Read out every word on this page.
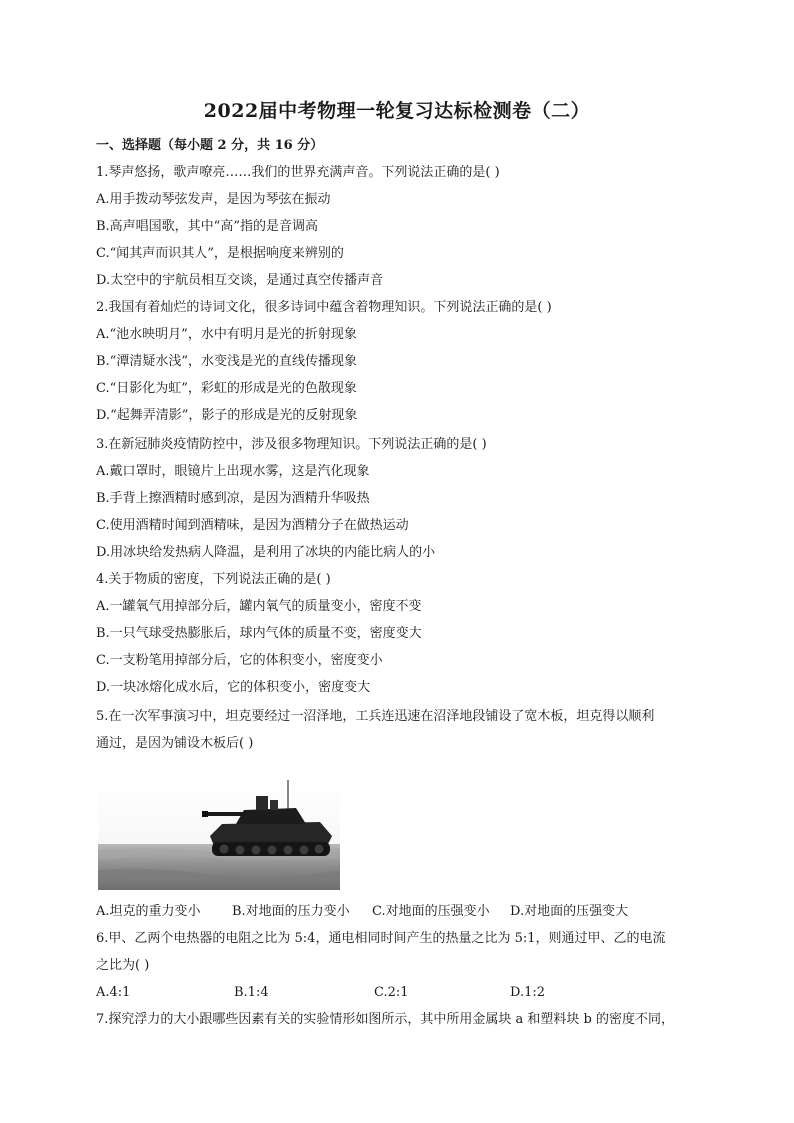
2022届中考物理一轮复习达标检测卷（二）
一、选择题（每小题 2 分，共 16 分）
1.琴声悠扬，歌声嘹亮……我们的世界充满声音。下列说法正确的是( )
A.用手拨动琴弦发声，是因为琴弦在振动
B.高声唱国歌，其中“高”指的是音调高
C.“闻其声而识其人”，是根据响度来辨别的
D.太空中的宇航员相互交谈，是通过真空传播声音
2.我国有着灿烂的诗词文化，很多诗词中蕴含着物理知识。下列说法正确的是( )
A.“池水映明月”，水中有明月是光的折射现象
B.“潭清疑水浅”，水变浅是光的直线传播现象
C.“日影化为虹”，彩虹的形成是光的色散现象
D.“起舞弄清影”，影子的形成是光的反射现象
3.在新冠肺炎疫情防控中，涉及很多物理知识。下列说法正确的是( )
A.戴口罩时，眼镜片上出现水雾，这是汽化现象
B.手背上擦酒精时感到凉，是因为酒精升华吸热
C.使用酒精时闻到酒精味，是因为酒精分子在做热运动
D.用冰块给发热病人降温，是利用了冰块的内能比病人的小
4.关于物质的密度，下列说法正确的是( )
A.一罐氧气用掉部分后，罐内氧气的质量变小，密度不变
B.一只气球受热膨胀后，球内气体的质量不变，密度变大
C.一支粉笔用掉部分后，它的体积变小，密度变小
D.一块冰熔化成水后，它的体积变小，密度变大
5.在一次军事演习中，坦克要经过一沼泽地，工兵连迅速在沼泽地段铺设了宽木板，坦克得以顺利
通过，是因为铺设木板后( )
A.坦克的重力变小 B.对地面的压力变小 C.对地面的压强变小 D.对地面的压强变大
6.甲、乙两个电热器的电阻之比为 5:4，通电相同时间产生的热量之比为 5:1，则通过甲、乙的电流
之比为( )
A.4:1	B.1:4	C.2:1	D.1:2
7.探究浮力的大小跟哪些因素有关的实验情形如图所示，其中所用金属块 a 和塑料块 b 的密度不同，
